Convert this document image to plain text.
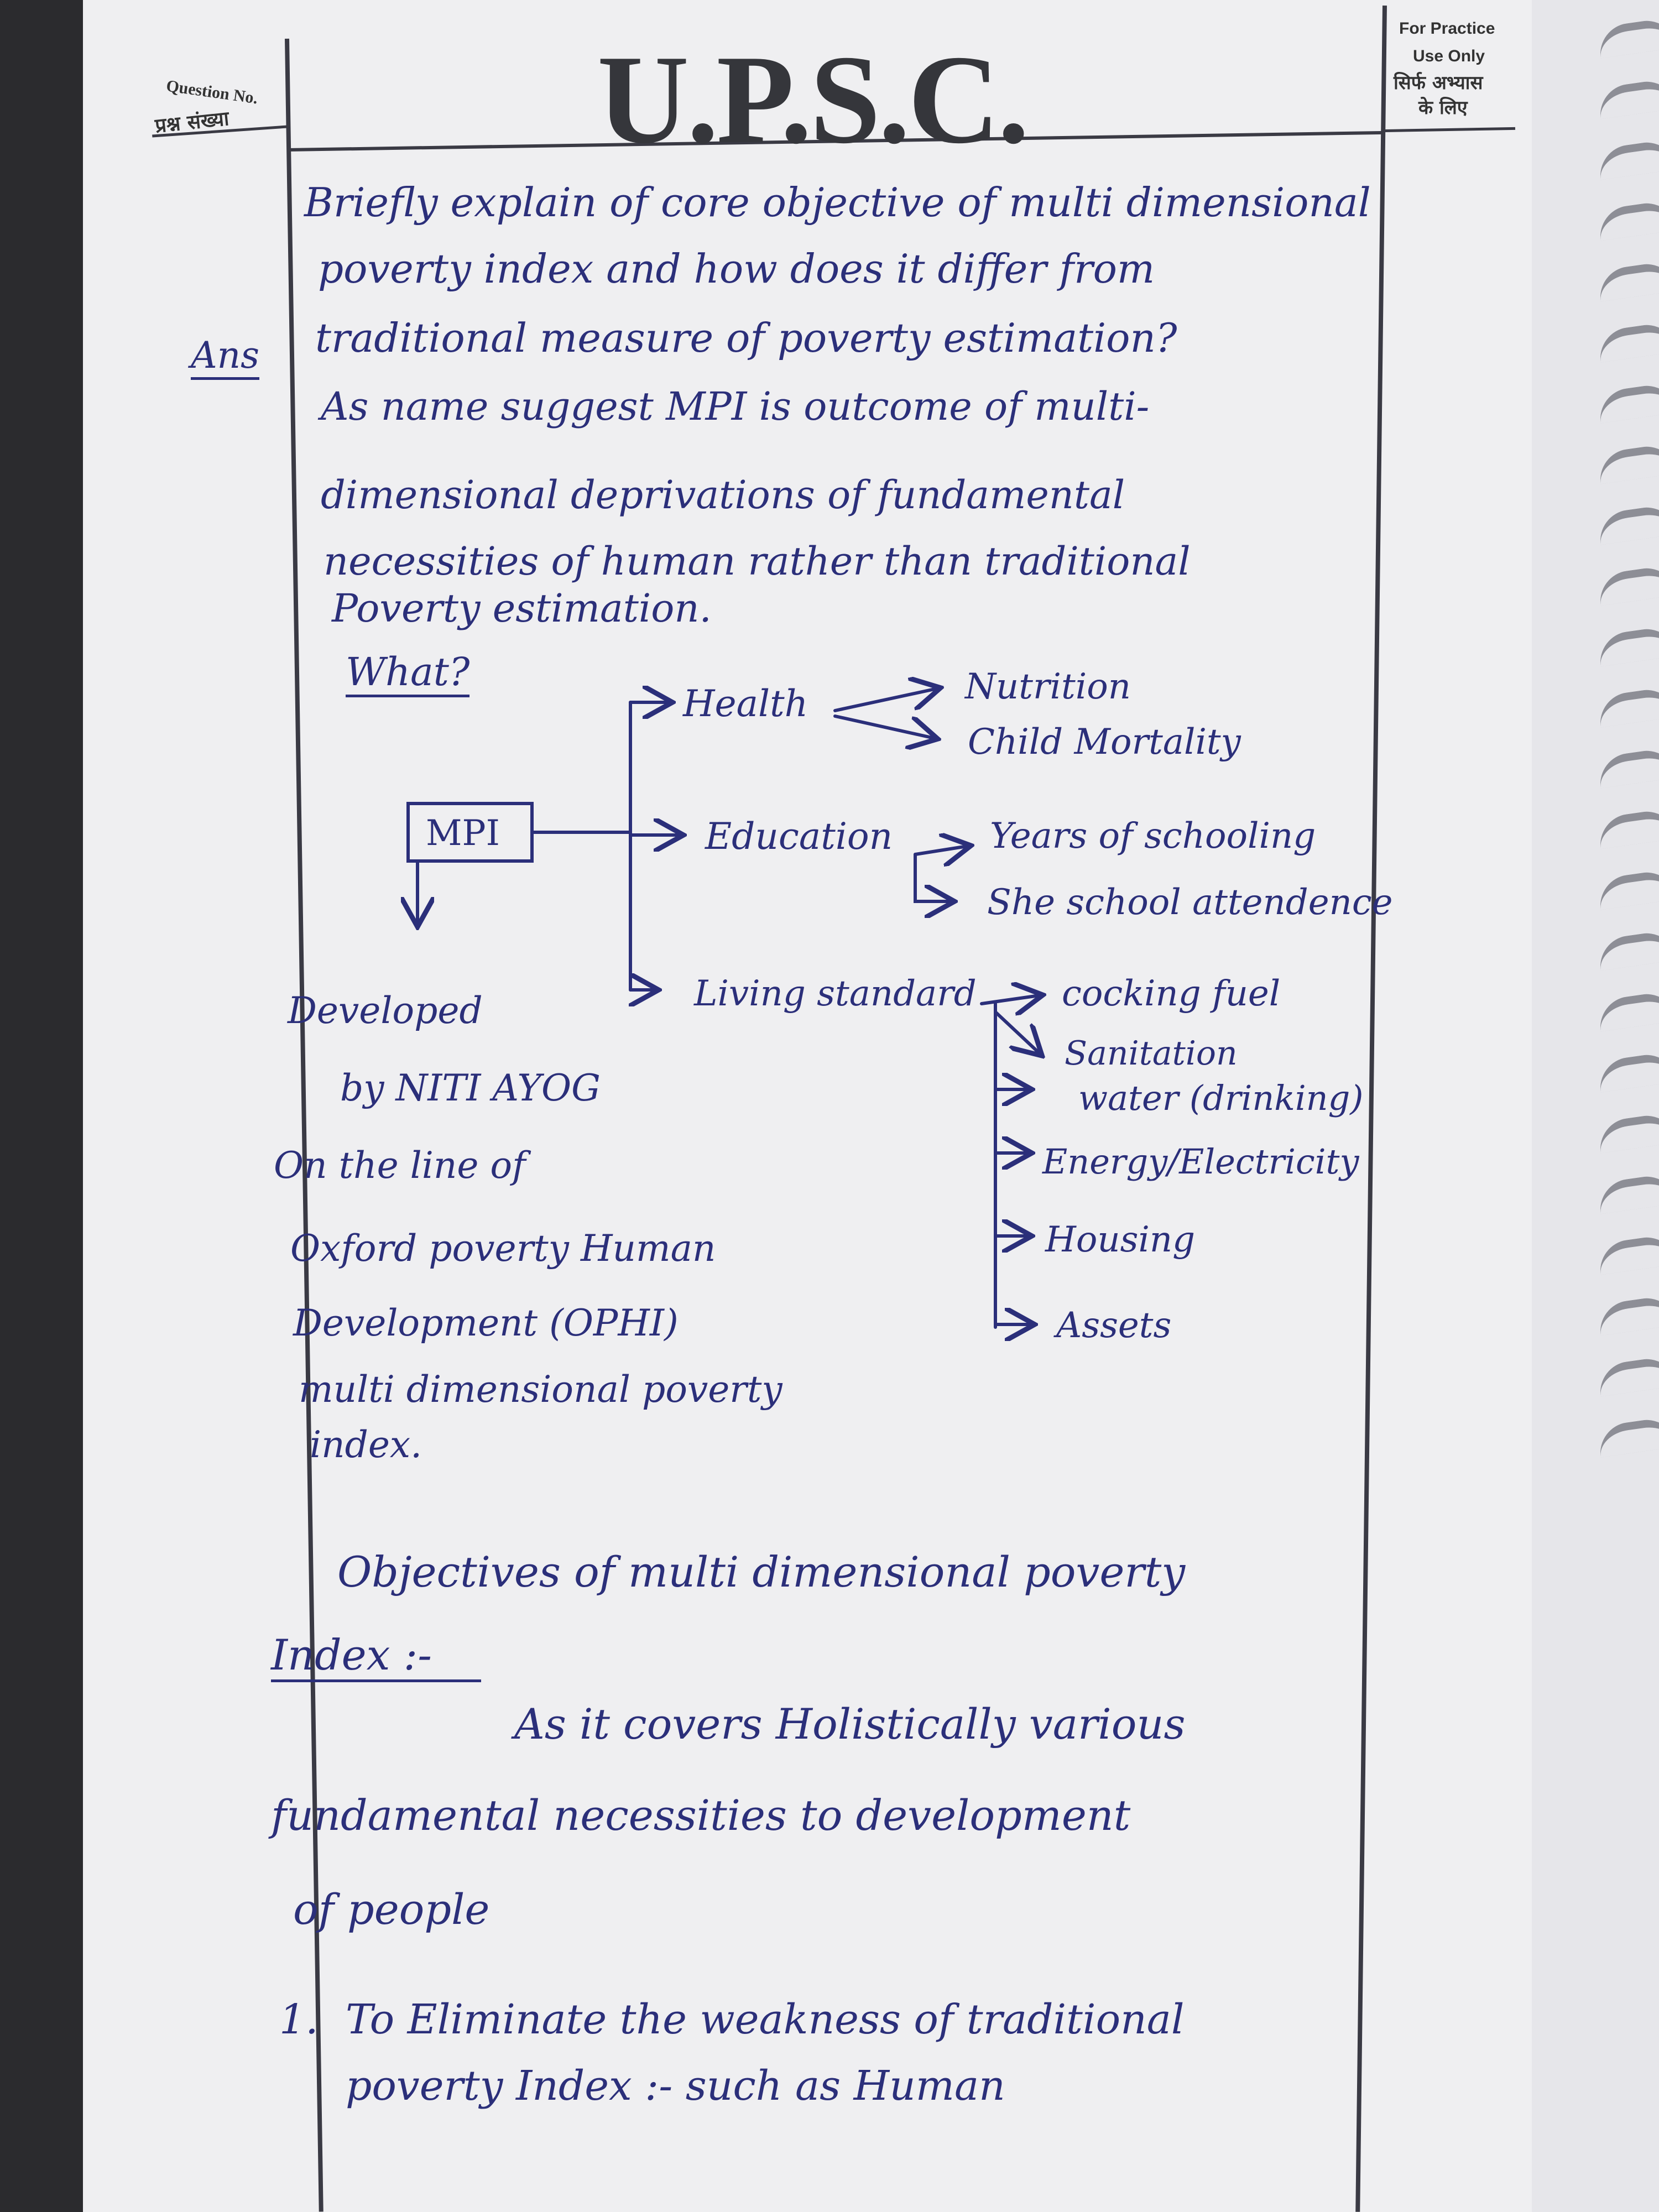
Question No.

प्रश्न संख्या	U.P.S.C.

For Practice

Use Only

सिर्फ अभ्यास

के लिए

Briefly explain of core objective of multi dimensional

poverty index and how does it differ from

traditional measure of poverty estimation?

Ans

As name suggest MPI is outcome of multi-

dimensional deprivations of fundamental

necessities of human rather than traditional

Poverty estimation.

What?

MPI

Health	Nutrition

Child Mortality

Education	Years of schooling

She school attendence

Living standard cocking fuel

Sanitation

water (drinking)

Energy/Electricity

Housing

Assets

Developed

by NITI AYOG

On the line of

Oxford poverty Human

Development (OPHI)

multi dimensional poverty

index.

Objectives of multi dimensional poverty

Index :-

As it covers Holistically various

fundamental necessities to development

of people

1. To Eliminate the weakness of traditional

poverty Index :- such as Human
